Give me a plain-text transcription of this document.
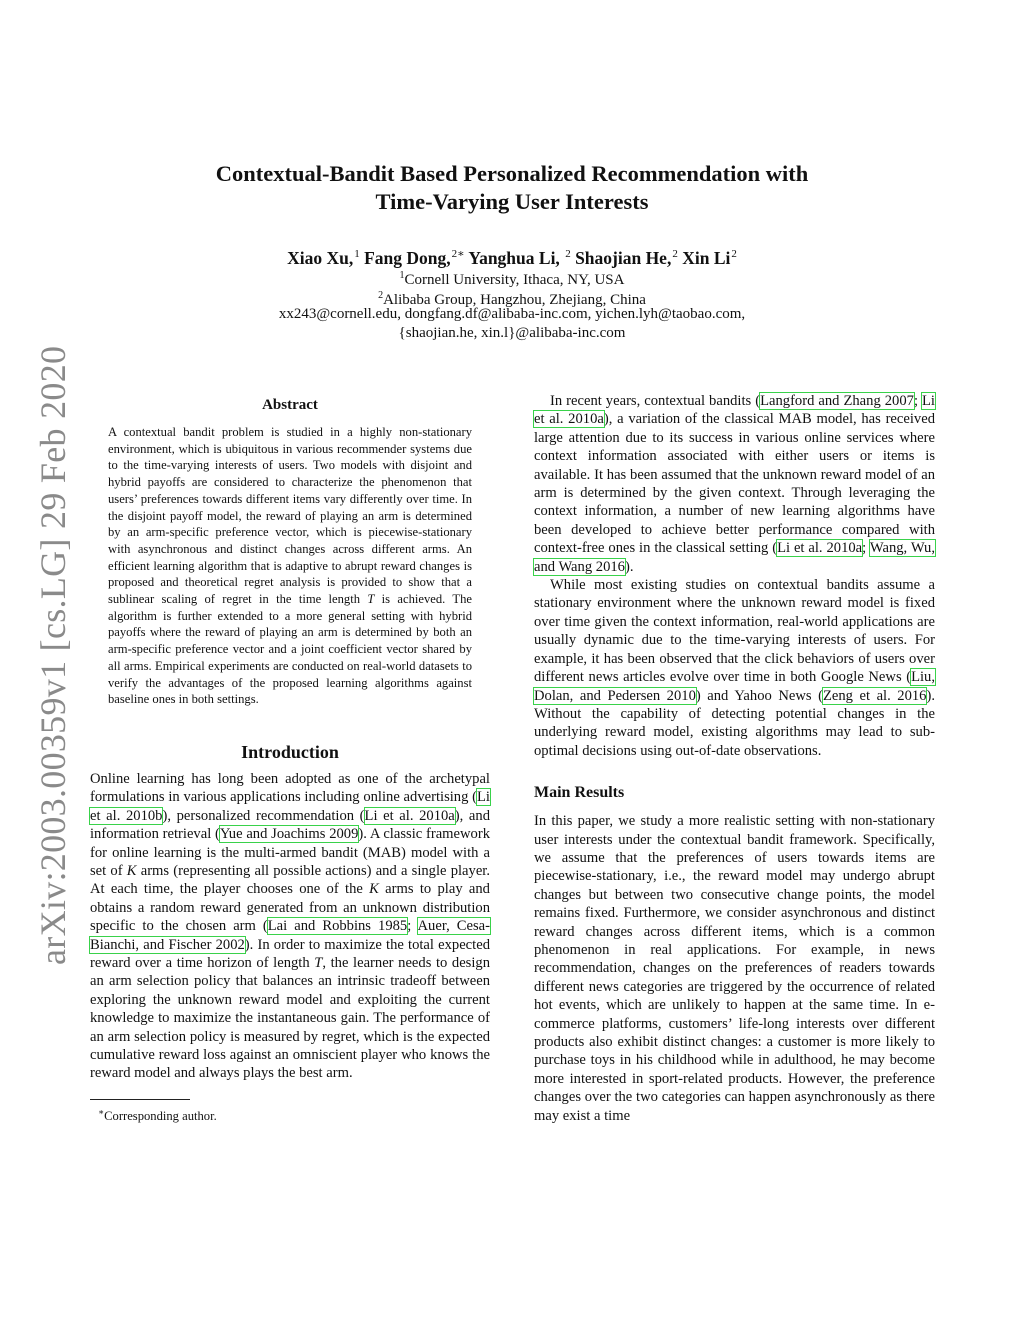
arXiv:2003.00359v1 [cs.LG] 29 Feb 2020
Contextual-Bandit Based Personalized Recommendation with
Time-Varying User Interests
Xiao Xu,$^1$ Fang Dong,$^{2∗}$ Yanghua Li, $^2$ Shaojian He,$^2$ Xin Li$^2$
$^1$Cornell University, Ithaca, NY, USA
$^2$Alibaba Group, Hangzhou, Zhejiang, China
xx243@cornell.edu, dongfang.df@alibaba-inc.com, yichen.lyh@taobao.com,
{shaojian.he, xin.l}@alibaba-inc.com
Abstract

A contextual bandit problem is studied in a highly non-stationary environment, which is ubiquitous in various recommender systems due to the time-varying interests of users. Two models with disjoint and hybrid payoffs are considered to characterize the phenomenon that users’ preferences towards different items vary differently over time. In the disjoint payoff model, the reward of playing an arm is determined by an arm-specific preference vector, which is piecewise-stationary with asynchronous and distinct changes across different arms. An efficient learning algorithm that is adaptive to abrupt reward changes is proposed and theoretical regret analysis is provided to show that a sublinear scaling of regret in the time length T is achieved. The algorithm is further extended to a more general setting with hybrid payoffs where the reward of playing an arm is determined by both an arm-specific preference vector and a joint coefficient vector shared by all arms. Empirical experiments are conducted on real-world datasets to verify the advantages of the proposed learning algorithms against baseline ones in both settings.

Introduction

Online learning has long been adopted as one of the archetypal formulations in various applications including online advertising (Li et al. 2010b), personalized recommendation (Li et al. 2010a), and information retrieval (Yue and Joachims 2009). A classic framework for online learning is the multi-armed bandit (MAB) model with a set of K arms (representing all possible actions) and a single player. At each time, the player chooses one of the K arms to play and obtains a random reward generated from an unknown distribution specific to the chosen arm (Lai and Robbins 1985; Auer, Cesa-Bianchi, and Fischer 2002). In order to maximize the total expected reward over a time horizon of length T, the learner needs to design an arm selection policy that balances an intrinsic tradeoff between exploring the unknown reward model and exploiting the current knowledge to maximize the instantaneous gain. The performance of an arm selection policy is measured by regret, which is the expected cumulative reward loss against an omniscient player who knows the reward model and always plays the best arm.

∗Corresponding author.

In recent years, contextual bandits (Langford and Zhang 2007; Li et al. 2010a), a variation of the classical MAB model, has received large attention due to its success in various online services where context information associated with either users or items is available. It has been assumed that the unknown reward model of an arm is determined by the given context. Through leveraging the context information, a number of new learning algorithms have been developed to achieve better performance compared with context-free ones in the classical setting (Li et al. 2010a; Wang, Wu, and Wang 2016).

While most existing studies on contextual bandits assume a stationary environment where the unknown reward model is fixed over time given the context information, real-world applications are usually dynamic due to the time-varying interests of users. For example, it has been observed that the click behaviors of users over different news articles evolve over time in both Google News (Liu, Dolan, and Pedersen 2010) and Yahoo News (Zeng et al. 2016). Without the capability of detecting potential changes in the underlying reward model, existing algorithms may lead to sub-optimal decisions using out-of-date observations.

Main Results

In this paper, we study a more realistic setting with non-stationary user interests under the contextual bandit framework. Specifically, we assume that the preferences of users towards items are piecewise-stationary, i.e., the reward model may undergo abrupt changes but between two consecutive change points, the model remains fixed. Furthermore, we consider asynchronous and distinct reward changes across different items, which is a common phenomenon in real applications. For example, in news recommendation, changes on the preferences of readers towards different news categories are triggered by the occurrence of related hot events, which are unlikely to happen at the same time. In e-commerce platforms, customers’ life-long interests over different products also exhibit distinct changes: a customer is more likely to purchase toys in his childhood while in adulthood, he may become more interested in sport-related products. However, the preference changes over the two categories can happen asynchronously as there may exist a time
